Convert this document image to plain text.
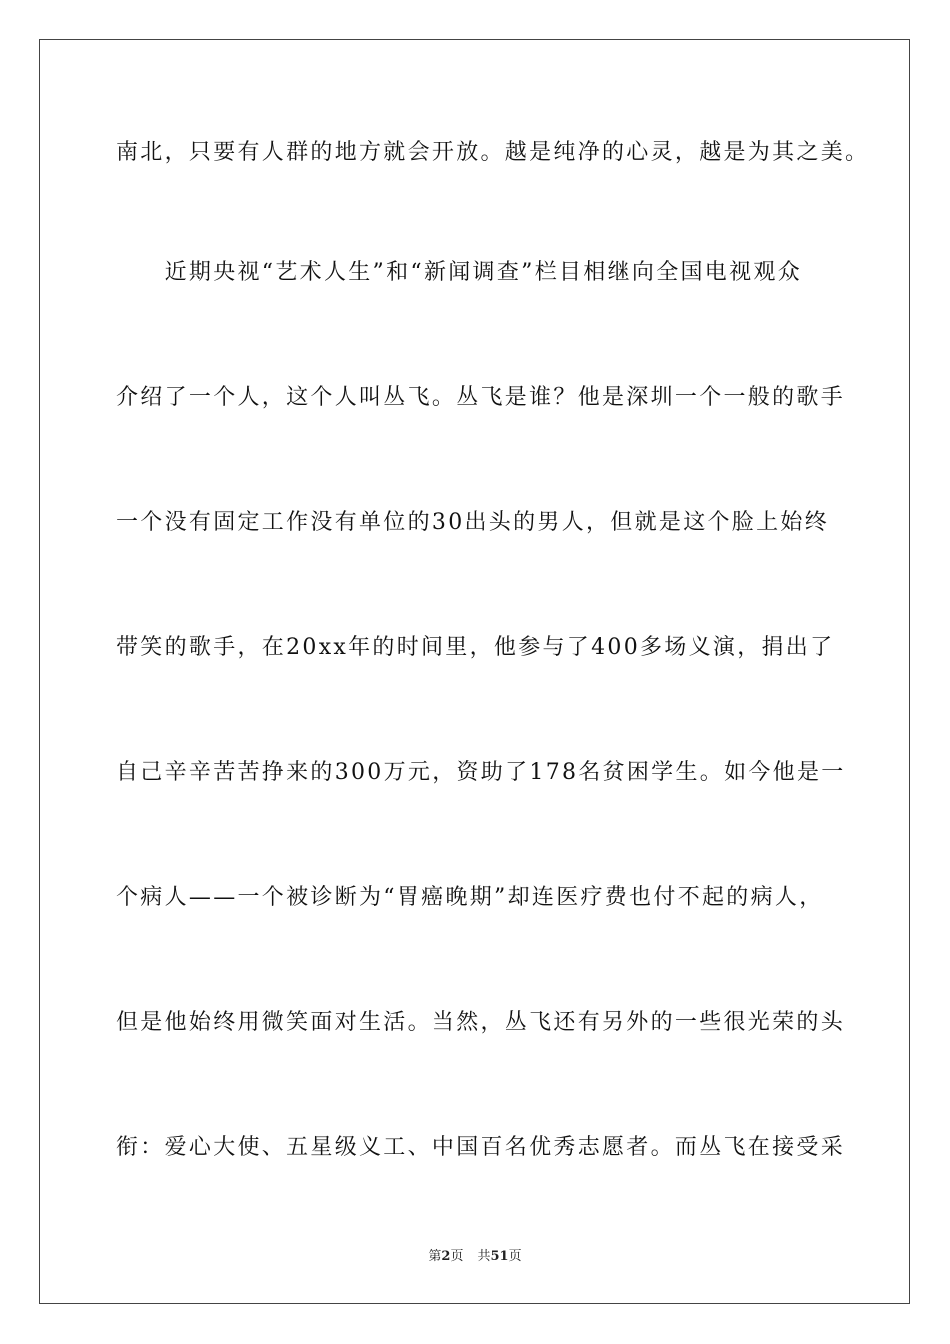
南北，只要有人群的地方就会开放。越是纯净的心灵，越是为其之美。
　　近期央视“艺术人生”和“新闻调查”栏目相继向全国电视观众
介绍了一个人，这个人叫丛飞。丛飞是谁？他是深圳一个一般的歌手
一个没有固定工作没有单位的30出头的男人，但就是这个脸上始终
带笑的歌手，在20xx年的时间里，他参与了400多场义演，捐出了
自己辛辛苦苦挣来的300万元，资助了178名贫困学生。如今他是一
个病人——一个被诊断为“胃癌晚期”却连医疗费也付不起的病人，
但是他始终用微笑面对生活。当然，丛飞还有另外的一些很光荣的头
衔：爱心大使、五星级义工、中国百名优秀志愿者。而丛飞在接受采
第2页 共51页
